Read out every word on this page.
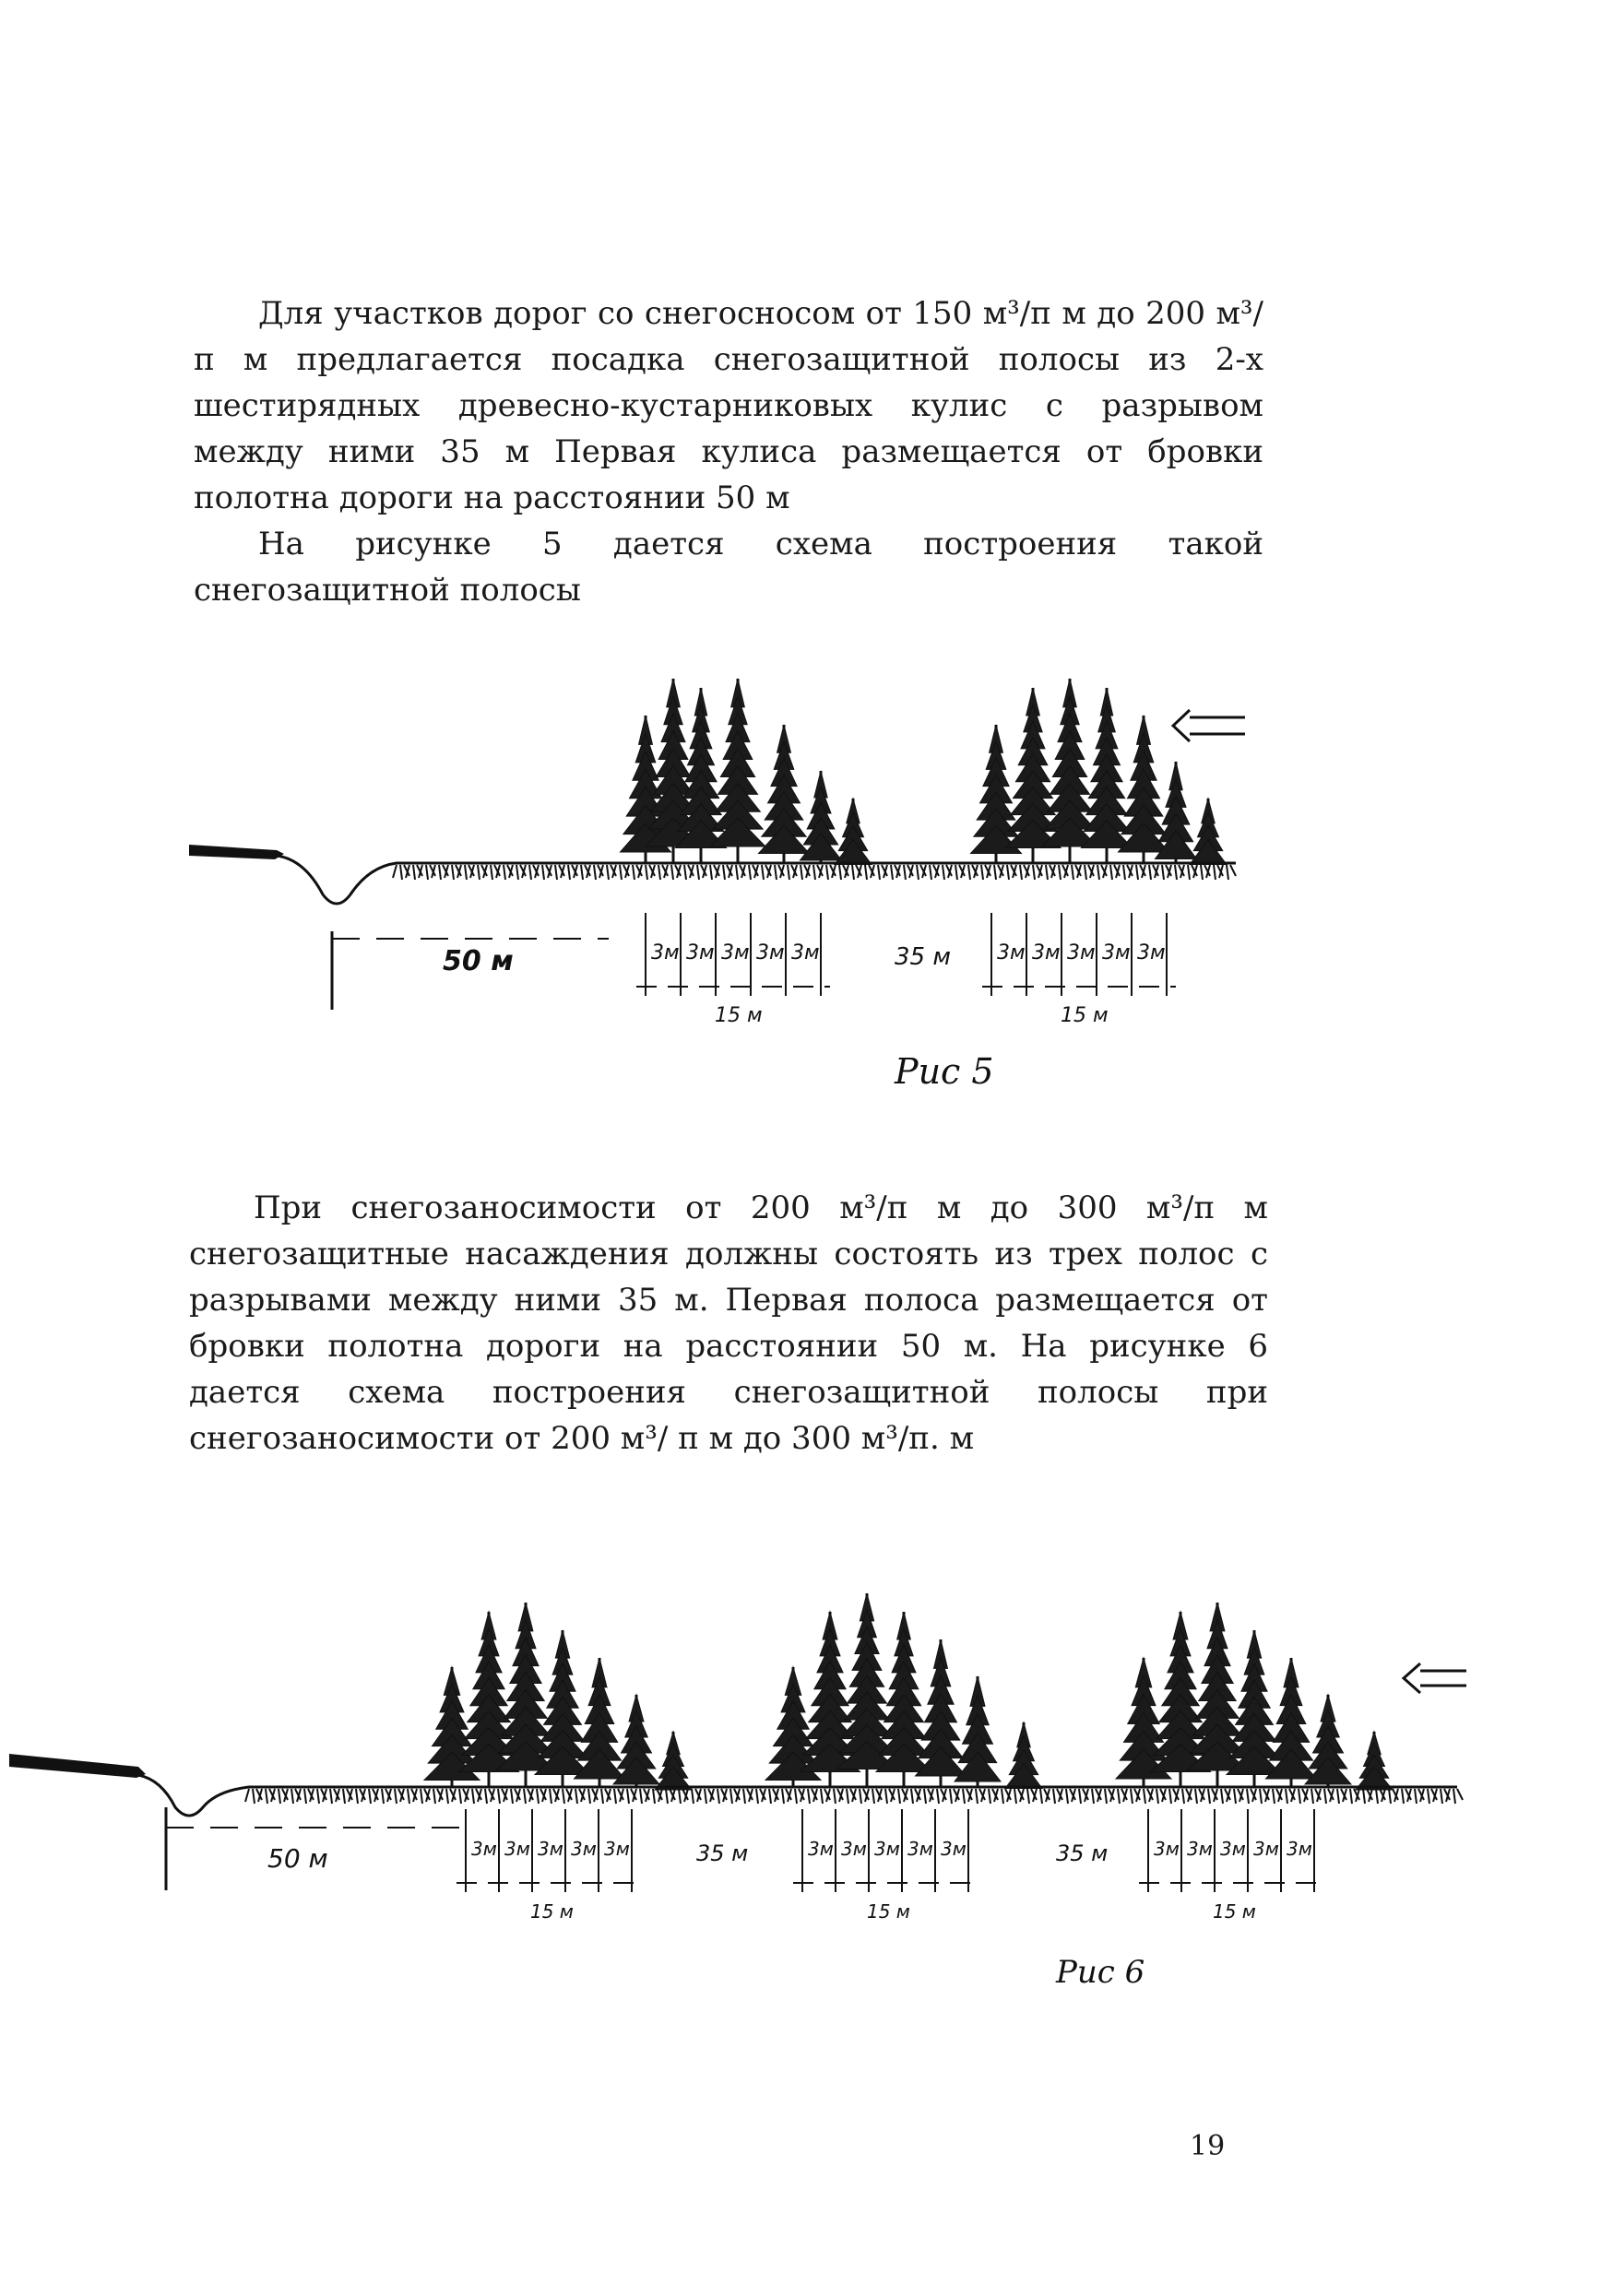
Для участков дорог со снегосносом от 150 м³/п м до 200 м³/п м предлагается посадка снегозащитной полосы из 2-х шестирядных древесно-кустарниковых кулис с разрывом между ними 35 м Первая кулиса размещается от бровки полотна дороги на расстоянии 50 м

На рисунке 5 дается схема построения такой снегозащитной полосы

50 м	3м 3м 3м 3м 3м
15 м
35 м 3м 3м 3м 3м 3м
15 м
Рис 5

При снегозаносимости от 200 м³/п м до 300 м³/п м снегозащитные насаждения должны состоять из трех полос с разрывами между ними 35 м. Первая полоса размещается от бровки полотна дороги на расстоянии 50 м. На рисунке 6 дается схема построения снегозащитной полосы при снегозаносимости от 200 м³/ п м до 300 м³/п. м

50 м	3м 3м 3м 3м 3м
15 м
35 м	3м 3м 3м 3м 3м
15 м
35 м 3м 3м 3м 3м 3м
15 м
Рис 6
19
